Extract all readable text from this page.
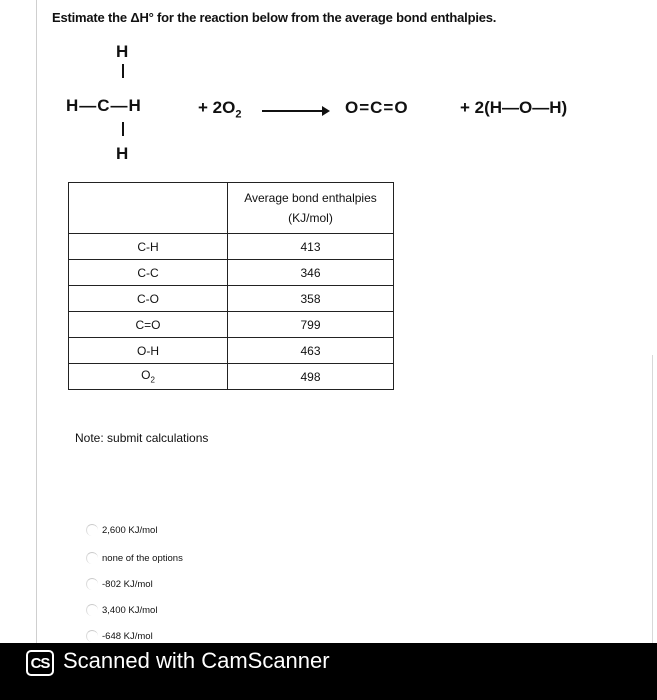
Estimate the ΔH° for the reaction below from the average bond enthalpies.
H
H—C—H
H
+ $2O_2$	O=C=O	+ 2(H—O—H)

	Average bond enthalpies
(KJ/mol)

C-H	413
C-C	346
C-O	358
C=O	799
O-H	463
$O_2$	498
Note: submit calculations
2,600 KJ/mol
none of the options
-802 KJ/mol
3,400 KJ/mol
-648 KJ/mol
CS Scanned with CamScanner
